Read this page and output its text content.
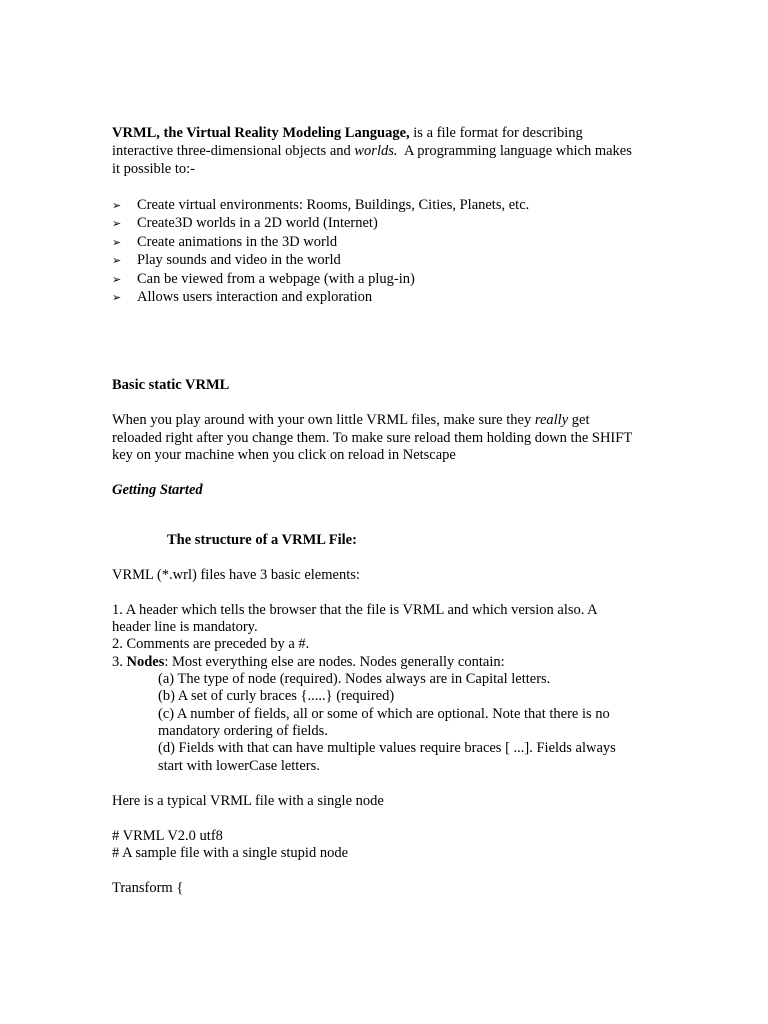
VRML, the Virtual Reality Modeling Language, is a file format for describing
interactive three-dimensional objects and worlds.  A programming language which makes
it possible to:-
➢ Create virtual environments: Rooms, Buildings, Cities, Planets, etc.
➢ Create3D worlds in a 2D world (Internet)
➢ Create animations in the 3D world
➢ Play sounds and video in the world
➢ Can be viewed from a webpage (with a plug-in)
➢ Allows users interaction and exploration
Basic static VRML
When you play around with your own little VRML files, make sure they really get
reloaded right after you change them. To make sure reload them holding down the SHIFT
key on your machine when you click on reload in Netscape
Getting Started
The structure of a VRML File:
VRML (*.wrl) files have 3 basic elements:
1. A header which tells the browser that the file is VRML and which version also. A
header line is mandatory.
2. Comments are preceded by a #.
3. Nodes: Most everything else are nodes. Nodes generally contain:
(a) The type of node (required). Nodes always are in Capital letters.
(b) A set of curly braces {.....} (required)
(c) A number of fields, all or some of which are optional. Note that there is no
mandatory ordering of fields.
(d) Fields with that can have multiple values require braces [ ...]. Fields always
start with lowerCase letters.
Here is a typical VRML file with a single node
# VRML V2.0 utf8
# A sample file with a single stupid node
Transform {
